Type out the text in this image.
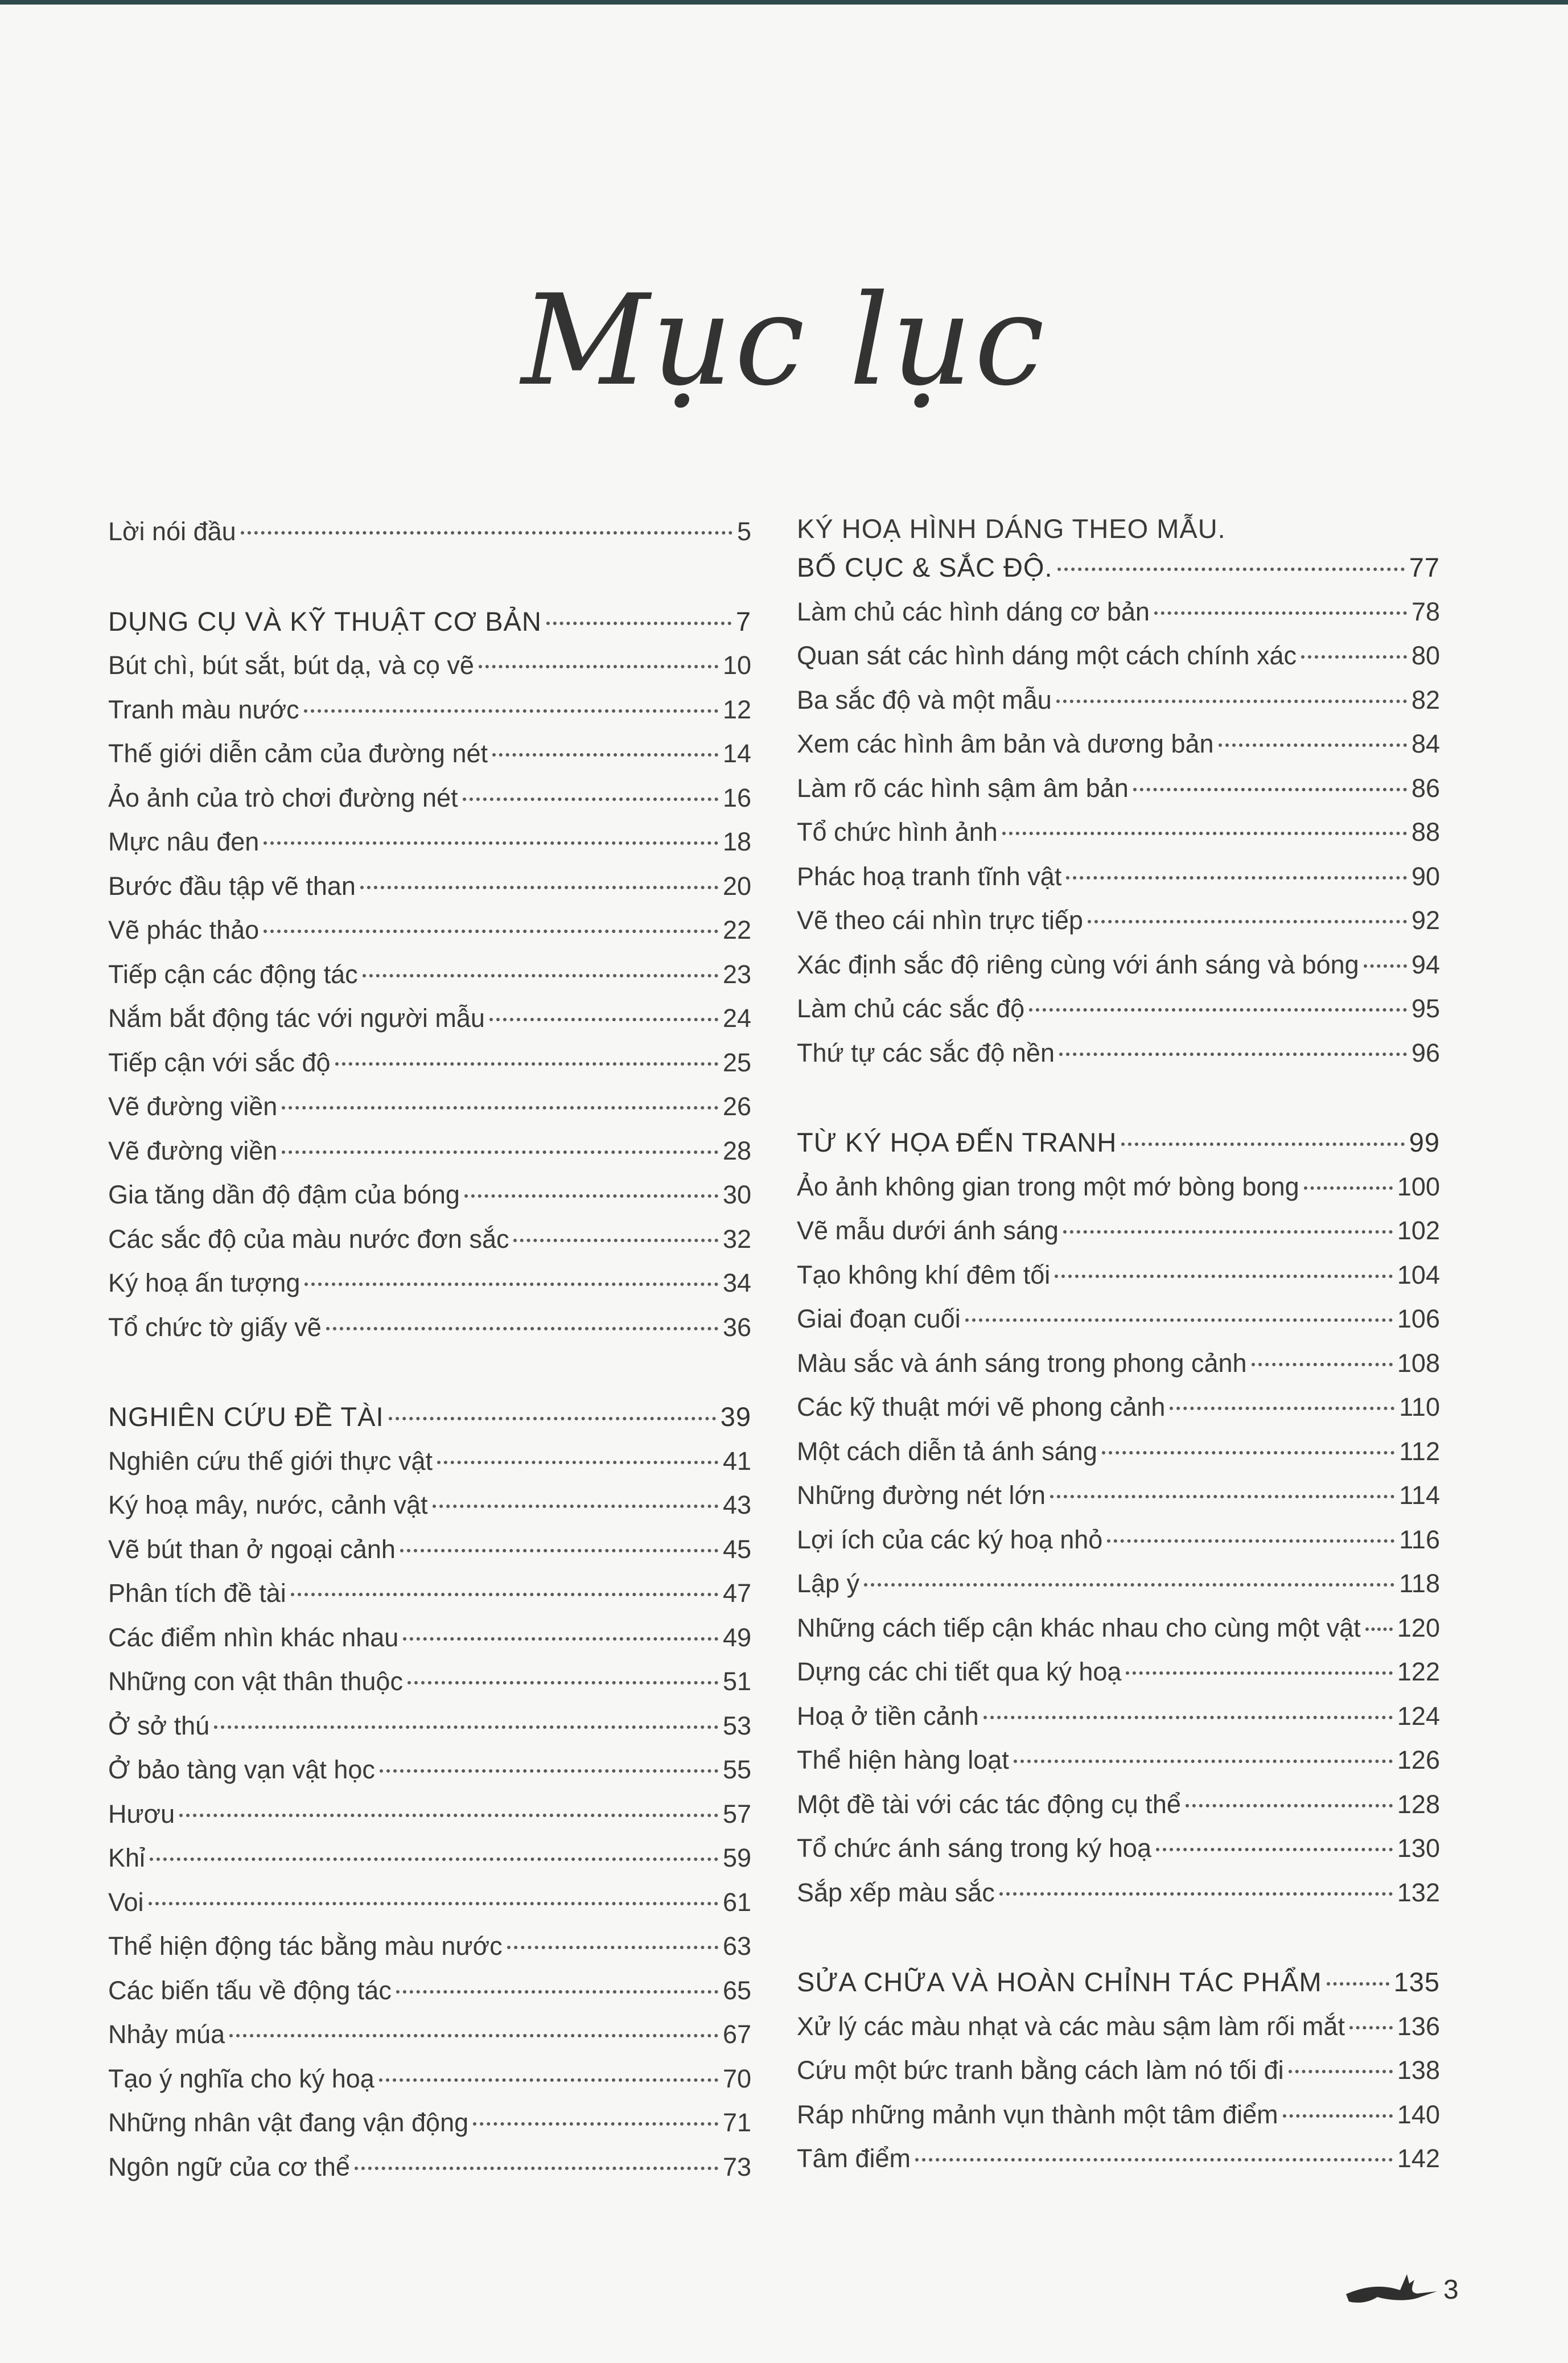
Mục lục
Lời nói đầu	5
DỤNG CỤ VÀ KỸ THUẬT CƠ BẢN	7
Bút chì, bút sắt, bút dạ, và cọ vẽ	10
Tranh màu nước	12
Thế giới diễn cảm của đường nét	14
Ảo ảnh của trò chơi đường nét	16
Mực nâu đen	18
Bước đầu tập vẽ than	20
Vẽ phác thảo	22
Tiếp cận các động tác	23
Nắm bắt động tác với người mẫu	24
Tiếp cận với sắc độ	25
Vẽ đường viền	26
Vẽ đường viền	28
Gia tăng dần độ đậm của bóng	30
Các sắc độ của màu nước đơn sắc	32
Ký hoạ ấn tượng	34
Tổ chức tờ giấy vẽ	36
NGHIÊN CỨU ĐỀ TÀI	39
Nghiên cứu thế giới thực vật	41
Ký hoạ mây, nước, cảnh vật	43
Vẽ bút than ở ngoại cảnh	45
Phân tích đề tài	47
Các điểm nhìn khác nhau	49
Những con vật thân thuộc	51
Ở sở thú	53
Ở bảo tàng vạn vật học	55
Hươu	57
Khỉ	59
Voi	61
Thể hiện động tác bằng màu nước	63
Các biến tấu về động tác	65
Nhảy múa	67
Tạo ý nghĩa cho ký hoạ	70
Những nhân vật đang vận động	71
Ngôn ngữ của cơ thể	73
KÝ HOẠ HÌNH DÁNG THEO MẪU.
BỐ CỤC & SẮC ĐỘ.	77
Làm chủ các hình dáng cơ bản	78
Quan sát các hình dáng một cách chính xác	80
Ba sắc độ và một mẫu	82
Xem các hình âm bản và dương bản	84
Làm rõ các hình sậm âm bản	86
Tổ chức hình ảnh	88
Phác hoạ tranh tĩnh vật	90
Vẽ theo cái nhìn trực tiếp	92
Xác định sắc độ riêng cùng với ánh sáng và bóng 94
Làm chủ các sắc độ	95
Thứ tự các sắc độ nền	96
TỪ KÝ HỌA ĐẾN TRANH	99
Ảo ảnh không gian trong một mớ bòng bong	100
Vẽ mẫu dưới ánh sáng	102
Tạo không khí đêm tối	104
Giai đoạn cuối	106
Màu sắc và ánh sáng trong phong cảnh	108
Các kỹ thuật mới vẽ phong cảnh	110
Một cách diễn tả ánh sáng	112
Những đường nét lớn	114
Lợi ích của các ký hoạ nhỏ	116
Lập ý	118
Những cách tiếp cận khác nhau cho cùng một vật 120
Dựng các chi tiết qua ký hoạ	122
Hoạ ở tiền cảnh	124
Thể hiện hàng loạt	126
Một đề tài với các tác động cụ thể	128
Tổ chức ánh sáng trong ký hoạ	130
Sắp xếp màu sắc	132
SỬA CHỮA VÀ HOÀN CHỈNH TÁC PHẨM	135
Xử lý các màu nhạt và các màu sậm làm rối mắt 136
Cứu một bức tranh bằng cách làm nó tối đi	138
Ráp những mảnh vụn thành một tâm điểm	140
Tâm điểm	142
3
